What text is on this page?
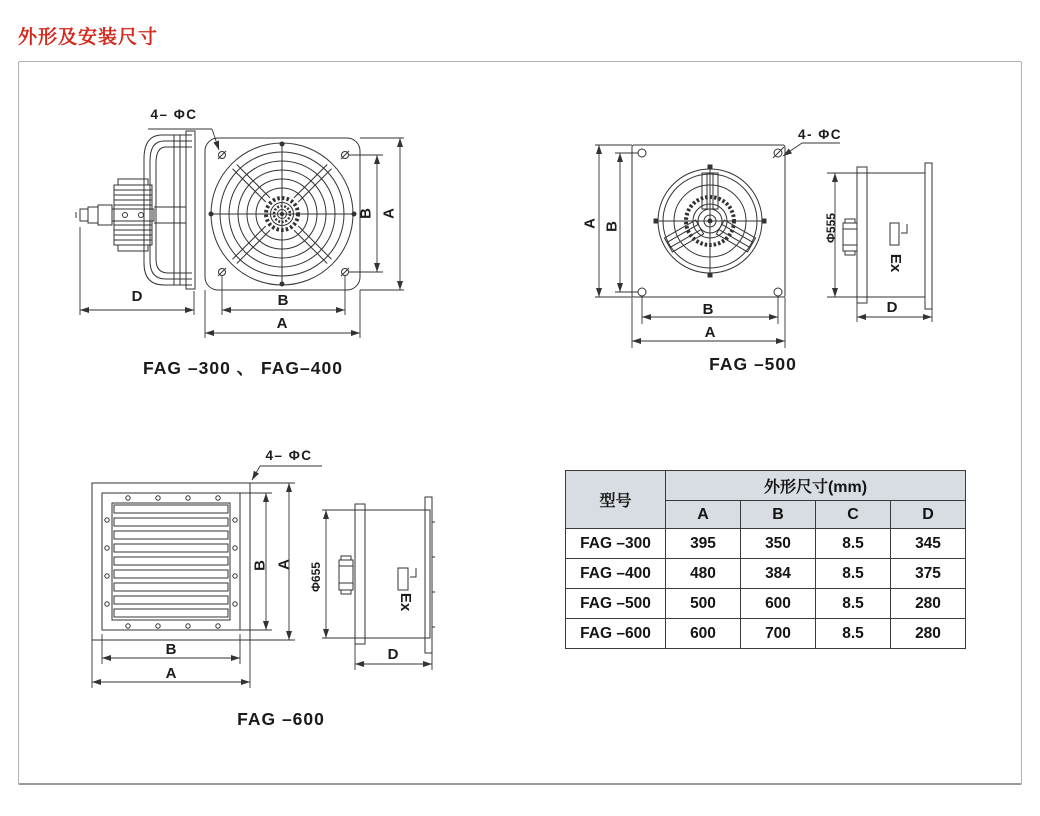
外形及安装尺寸
4– ΦC
D
B A
B
A
FAG –300 、 FAG–400
4- ΦC
A B
B
A
Φ555
Ex
D
FAG –500
4– ΦC
B A
B
A
Φ655
Ex
D
FAG –600
型号	外形尺寸(mm)			
	A	B	C	D
FAG –300	395	350	8.5	345
FAG –400	480	384	8.5	375
FAG –500	500	600	8.5	280
FAG –600	600	700	8.5	280
